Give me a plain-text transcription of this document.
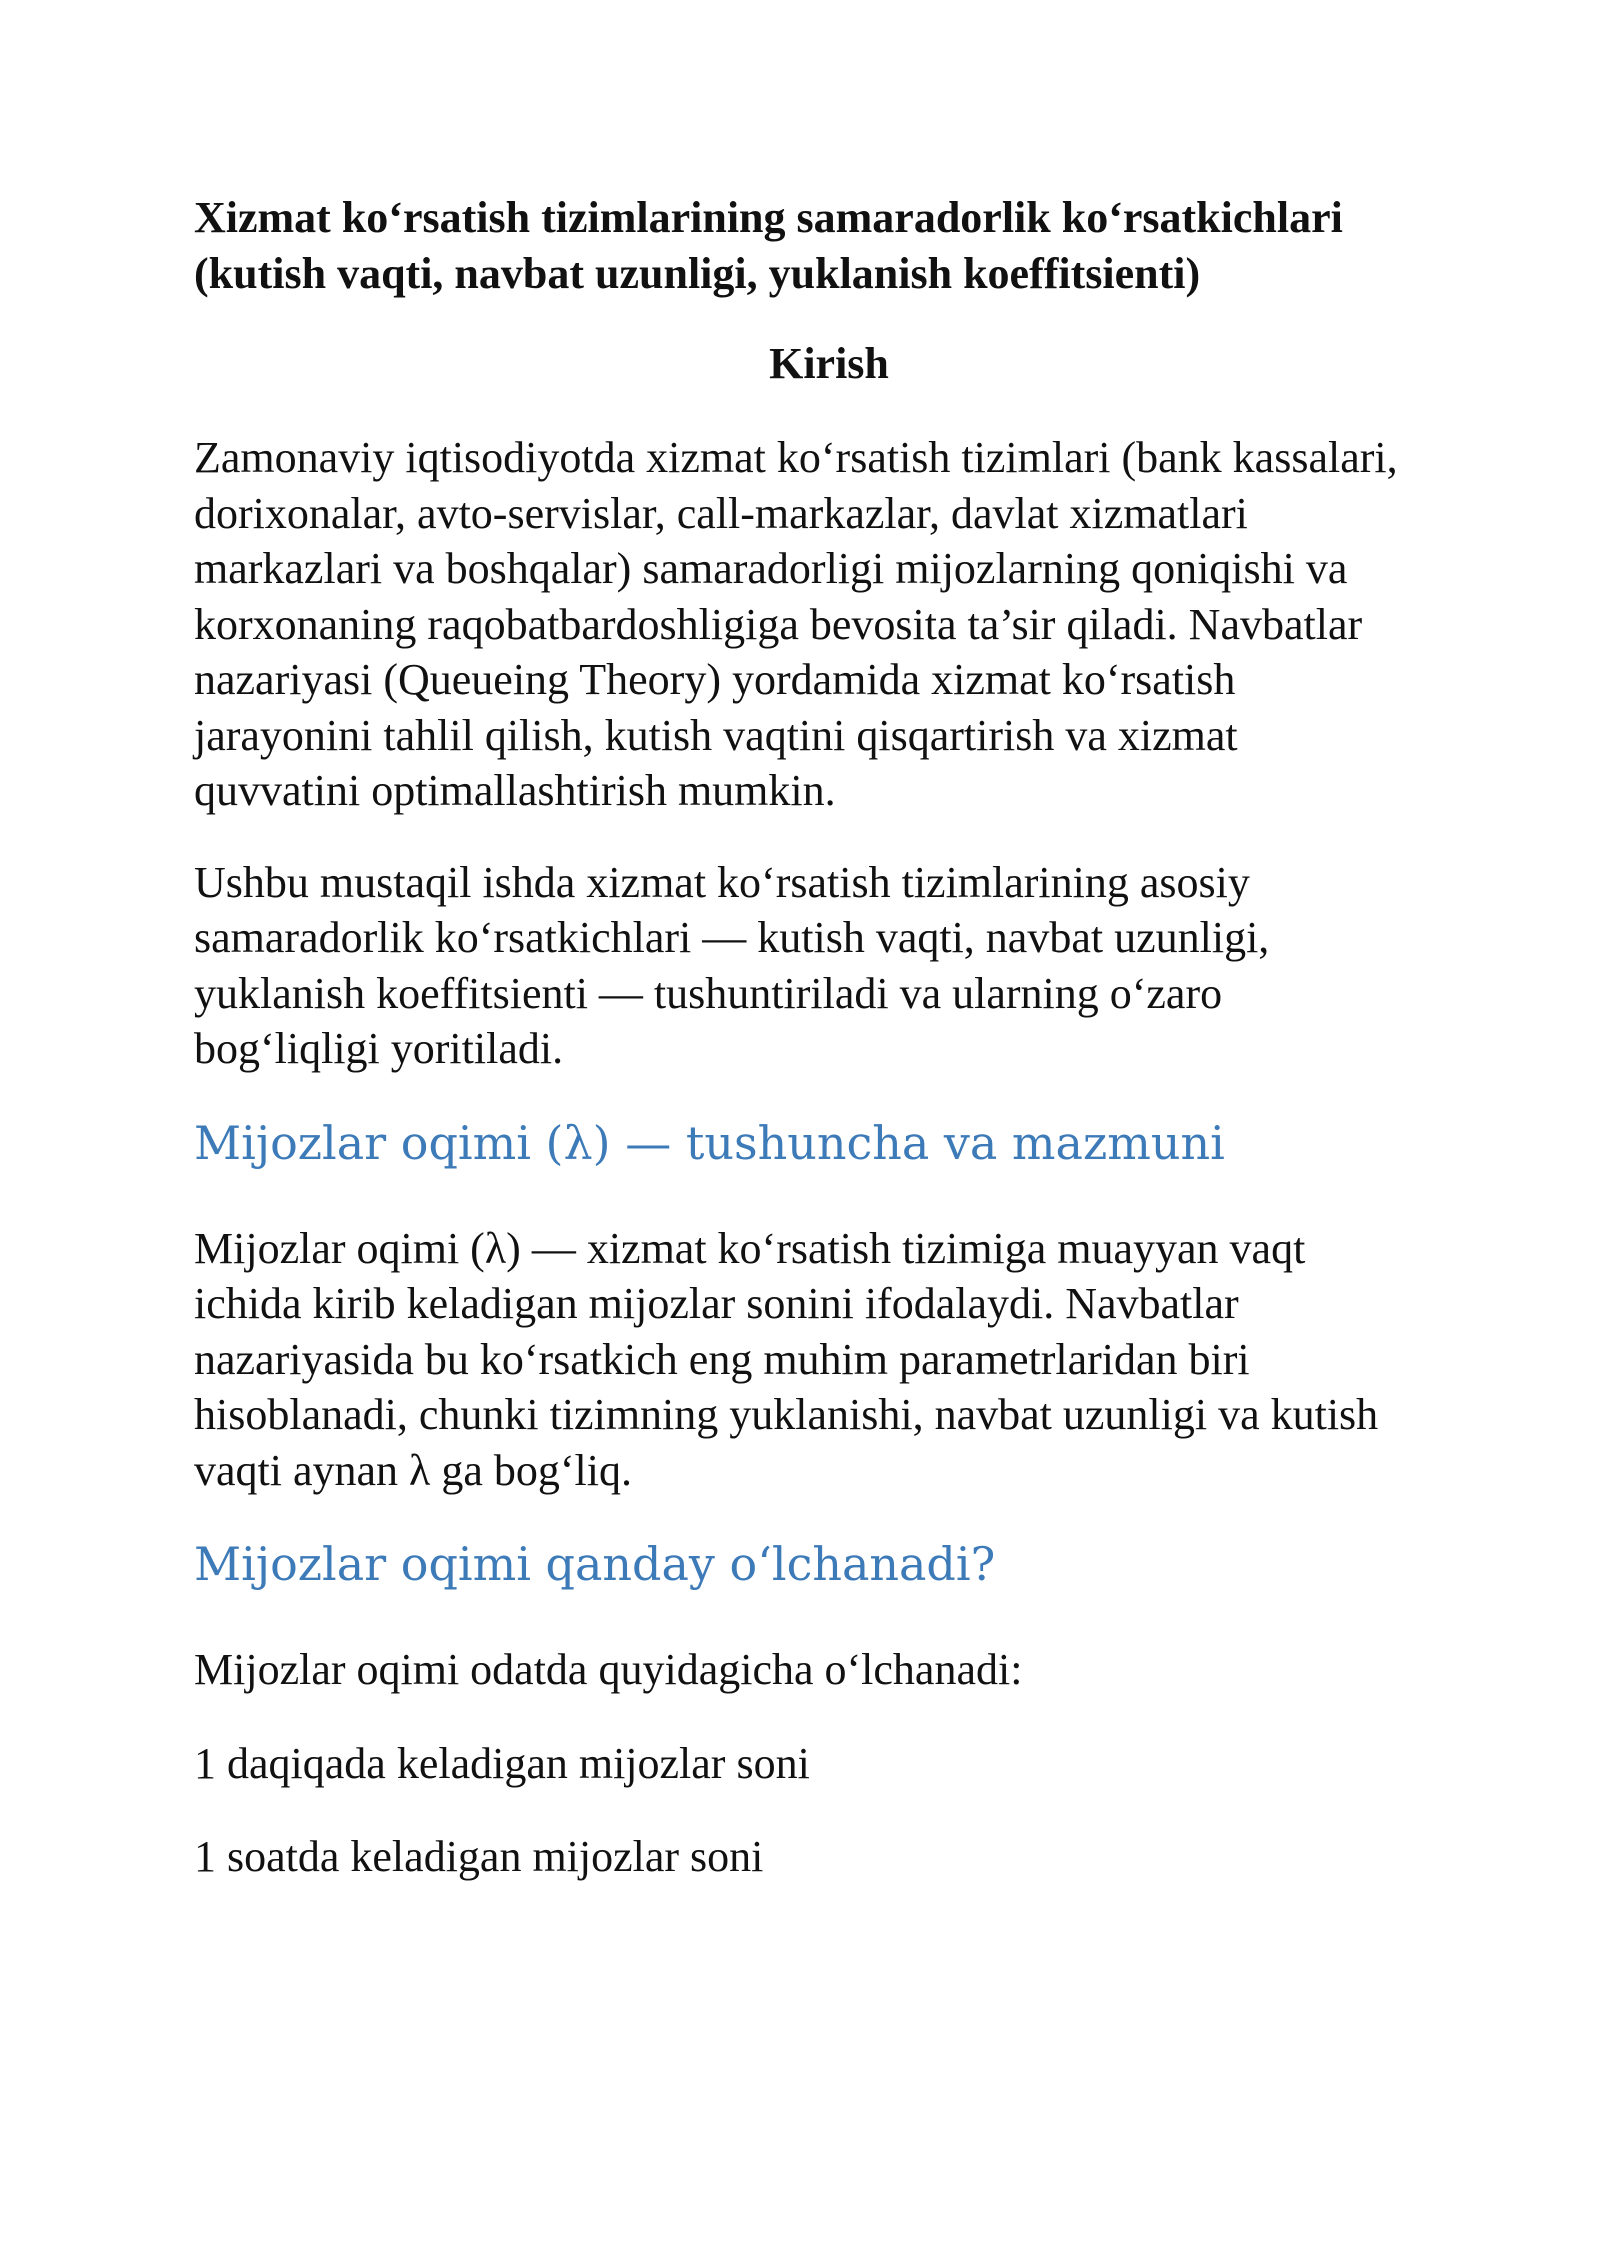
Xizmat ko‘rsatish tizimlarining samaradorlik ko‘rsatkichlari (kutish vaqti, navbat uzunligi, yuklanish koeffitsienti)
Kirish

Zamonaviy iqtisodiyotda xizmat ko‘rsatish tizimlari (bank kassalari, dorixonalar, avto-servislar, call-markazlar, davlat xizmatlari markazlari va boshqalar) samaradorligi mijozlarning qoniqishi va korxonaning raqobatbardoshligiga bevosita ta’sir qiladi. Navbatlar nazariyasi (Queueing Theory) yordamida xizmat ko‘rsatish jarayonini tahlil qilish, kutish vaqtini qisqartirish va xizmat quvvatini optimallashtirish mumkin.

Ushbu mustaqil ishda xizmat ko‘rsatish tizimlarining asosiy samaradorlik ko‘rsatkichlari — kutish vaqti, navbat uzunligi, yuklanish koeffitsienti — tushuntiriladi va ularning o‘zaro bog‘liqligi yoritiladi.

Mijozlar oqimi (λ) — tushuncha va mazmuni

Mijozlar oqimi (λ) — xizmat ko‘rsatish tizimiga muayyan vaqt ichida kirib keladigan mijozlar sonini ifodalaydi. Navbatlar nazariyasida bu ko‘rsatkich eng muhim parametrlaridan biri hisoblanadi, chunki tizimning yuklanishi, navbat uzunligi va kutish vaqti aynan λ ga bog‘liq.

Mijozlar oqimi qanday o‘lchanadi?

Mijozlar oqimi odatda quyidagicha o‘lchanadi:

1 daqiqada keladigan mijozlar soni

1 soatda keladigan mijozlar soni
